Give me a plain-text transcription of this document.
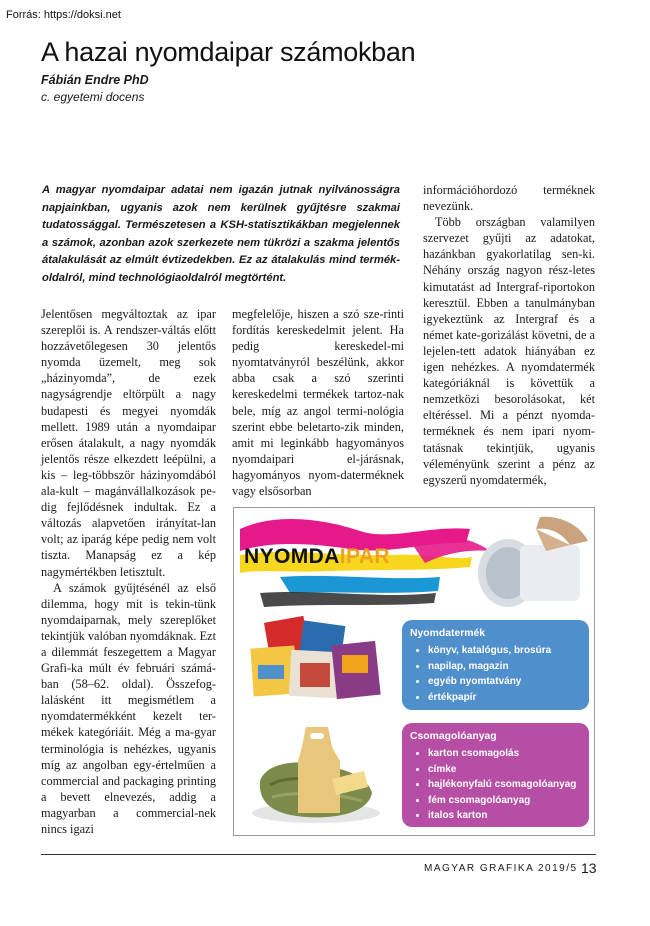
Forrás: https://doksi.net
A hazai nyomdaipar számokban
Fábián Endre PhD
c. egyetemi docens

A magyar nyomdaipar adatai nem igazán jutnak nyilvánosságra napjainkban, ugyanis azok nem kerülnek gyűjtésre szakmai tudatossággal. Természetesen a KSH-statisztikákban megjelennek a számok, azonban azok szerkezete nem tükrözi a szakma jelentős átalakulását az elmúlt évtizedekben. Ez az átalakulás mind termék-oldalról, mind technológiaoldalról megtörtént.

Jelentősen megváltoztak az ipar szereplői is. A rendszer-váltás előtt hozzávetőlegesen 30 jelentős nyomda üzemelt, meg sok „házinyomda”, de ezek nagyságrendje eltörpült a nagy budapesti és megyei nyomdák mellett. 1989 után a nyomdaipar erősen átalakult, a nagy nyomdák jelentős része elkezdett leépülni, a kis – leg-többször házinyomdából ala-kult – magánvállalkozások pe-dig fejlődésnek indultak. Ez a változás alapvetően irányítat-lan volt; az iparág képe pedig nem volt tiszta. Manapság ez a kép nagymértékben letisztult.

A számok gyűjtésénél az első dilemma, hogy mit is tekin-tünk nyomdaiparnak, mely szereplőket tekintjük valóban nyomdáknak. Ezt a dilemmát feszegettem a Magyar Grafi-ka múlt év februári számá-ban (58–62. oldal). Összefog-lalásként itt megismétlem a nyomdatermékként kezelt ter-mékek kategóriáit. Még a ma-gyar terminológia is nehézkes, ugyanis míg az angolban egy-értelműen a commercial and packaging printing a bevett elnevezés, addig a magyarban a commercial-nek nincs igazi

megfelelője, hiszen a szó sze-rinti fordítás kereskedelmit jelent. Ha pedig kereskedel-mi nyomtatványról beszélünk, akkor abba csak a szó szerinti kereskedelmi termékek tartoz-nak bele, míg az angol termi-nológia szerint ebbe beletarto-zik minden, amit mi leginkább hagyományos nyomdaipari el-járásnak, hagyományos nyom-daterméknek vagy elsősorban

információhordozó terméknek nevezünk.

Több országban valamilyen szervezet gyűjti az adatokat, hazánkban gyakorlatilag sen-ki. Néhány ország nagyon rész-letes kimutatást ad Intergraf-riportokon keresztül. Ebben a tanulmányban igyekeztünk az Intergraf és a német kate-gorizálást követni, de a lejelen-tett adatok hiányában ez igen nehézkes. A nyomdatermék kategóriáknál is követtük a nemzetközi besorolásokat, két eltéréssel. Mi a pénzt nyomda-terméknek és nem ipari nyom-tatásnak tekintjük, ugyanis véleményünk szerint a pénz az egyszerű nyomdatermék,

NYOMDAIPAR

Nyomdatermék
• könyv, katalógus, brosúra
• napilap, magazin
• egyéb nyomtatvány
• értékpapír
Csomagolóanyag
• karton csomagolás
• címke
• hajlékonyfalú csomagolóanyag
• fém csomagolóanyag
• italos karton
MAGYAR GRAFIKA 2019/5 13
